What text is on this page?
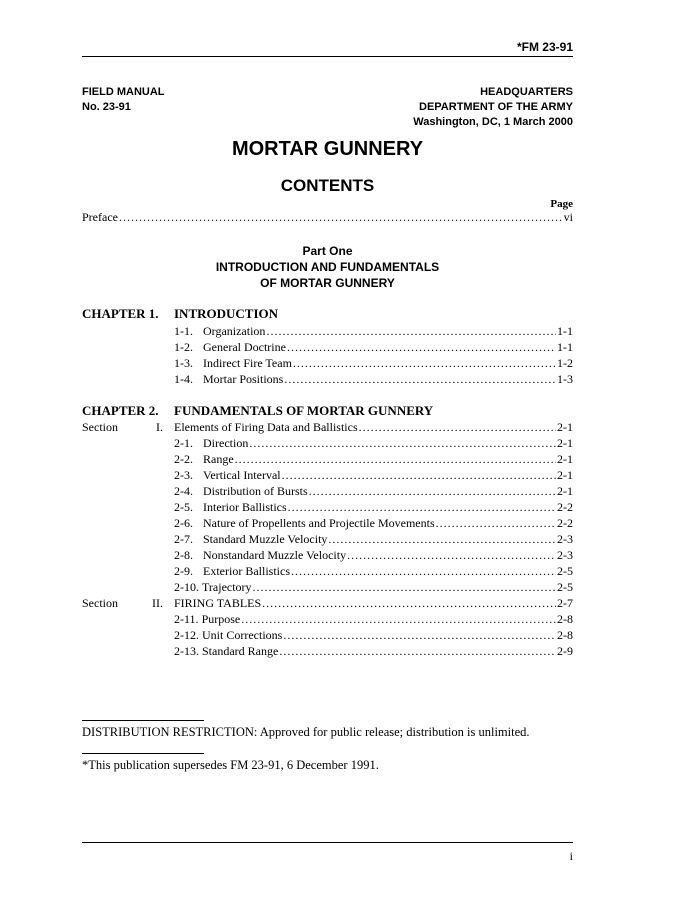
*FM 23-91
FIELD MANUAL
No. 23-91
HEADQUARTERS
DEPARTMENT OF THE ARMY
Washington, DC, 1 March 2000
MORTAR GUNNERY
CONTENTS
Page
Preface .....	vi
Part One
INTRODUCTION AND FUNDAMENTALS
OF MORTAR GUNNERY
CHAPTER 1. INTRODUCTION
1-1. Organization .....	1-1
1-2. General Doctrine .....	1-1
1-3. Indirect Fire Team .....	1-2
1-4. Mortar Positions .....	1-3
CHAPTER 2. FUNDAMENTALS OF MORTAR GUNNERY
Section	I. Elements of Firing Data and Ballistics .....	2-1
2-1. Direction .....	2-1
2-2. Range .....	2-1
2-3. Vertical Interval .....	2-1
2-4. Distribution of Bursts .....	2-1
2-5. Interior Ballistics .....	2-2
2-6. Nature of Propellents and Projectile Movements .....	2-2
2-7. Standard Muzzle Velocity .....	2-3
2-8. Nonstandard Muzzle Velocity .....	2-3
2-9. Exterior Ballistics .....	2-5
2-10. Trajectory .....	2-5
Section	II. FIRING TABLES .....	2-7
2-11. Purpose .....	2-8
2-12. Unit Corrections .....	2-8
2-13. Standard Range .....	2-9
DISTRIBUTION RESTRICTION: Approved for public release; distribution is unlimited.
*This publication supersedes FM 23-91, 6 December 1991.
i
